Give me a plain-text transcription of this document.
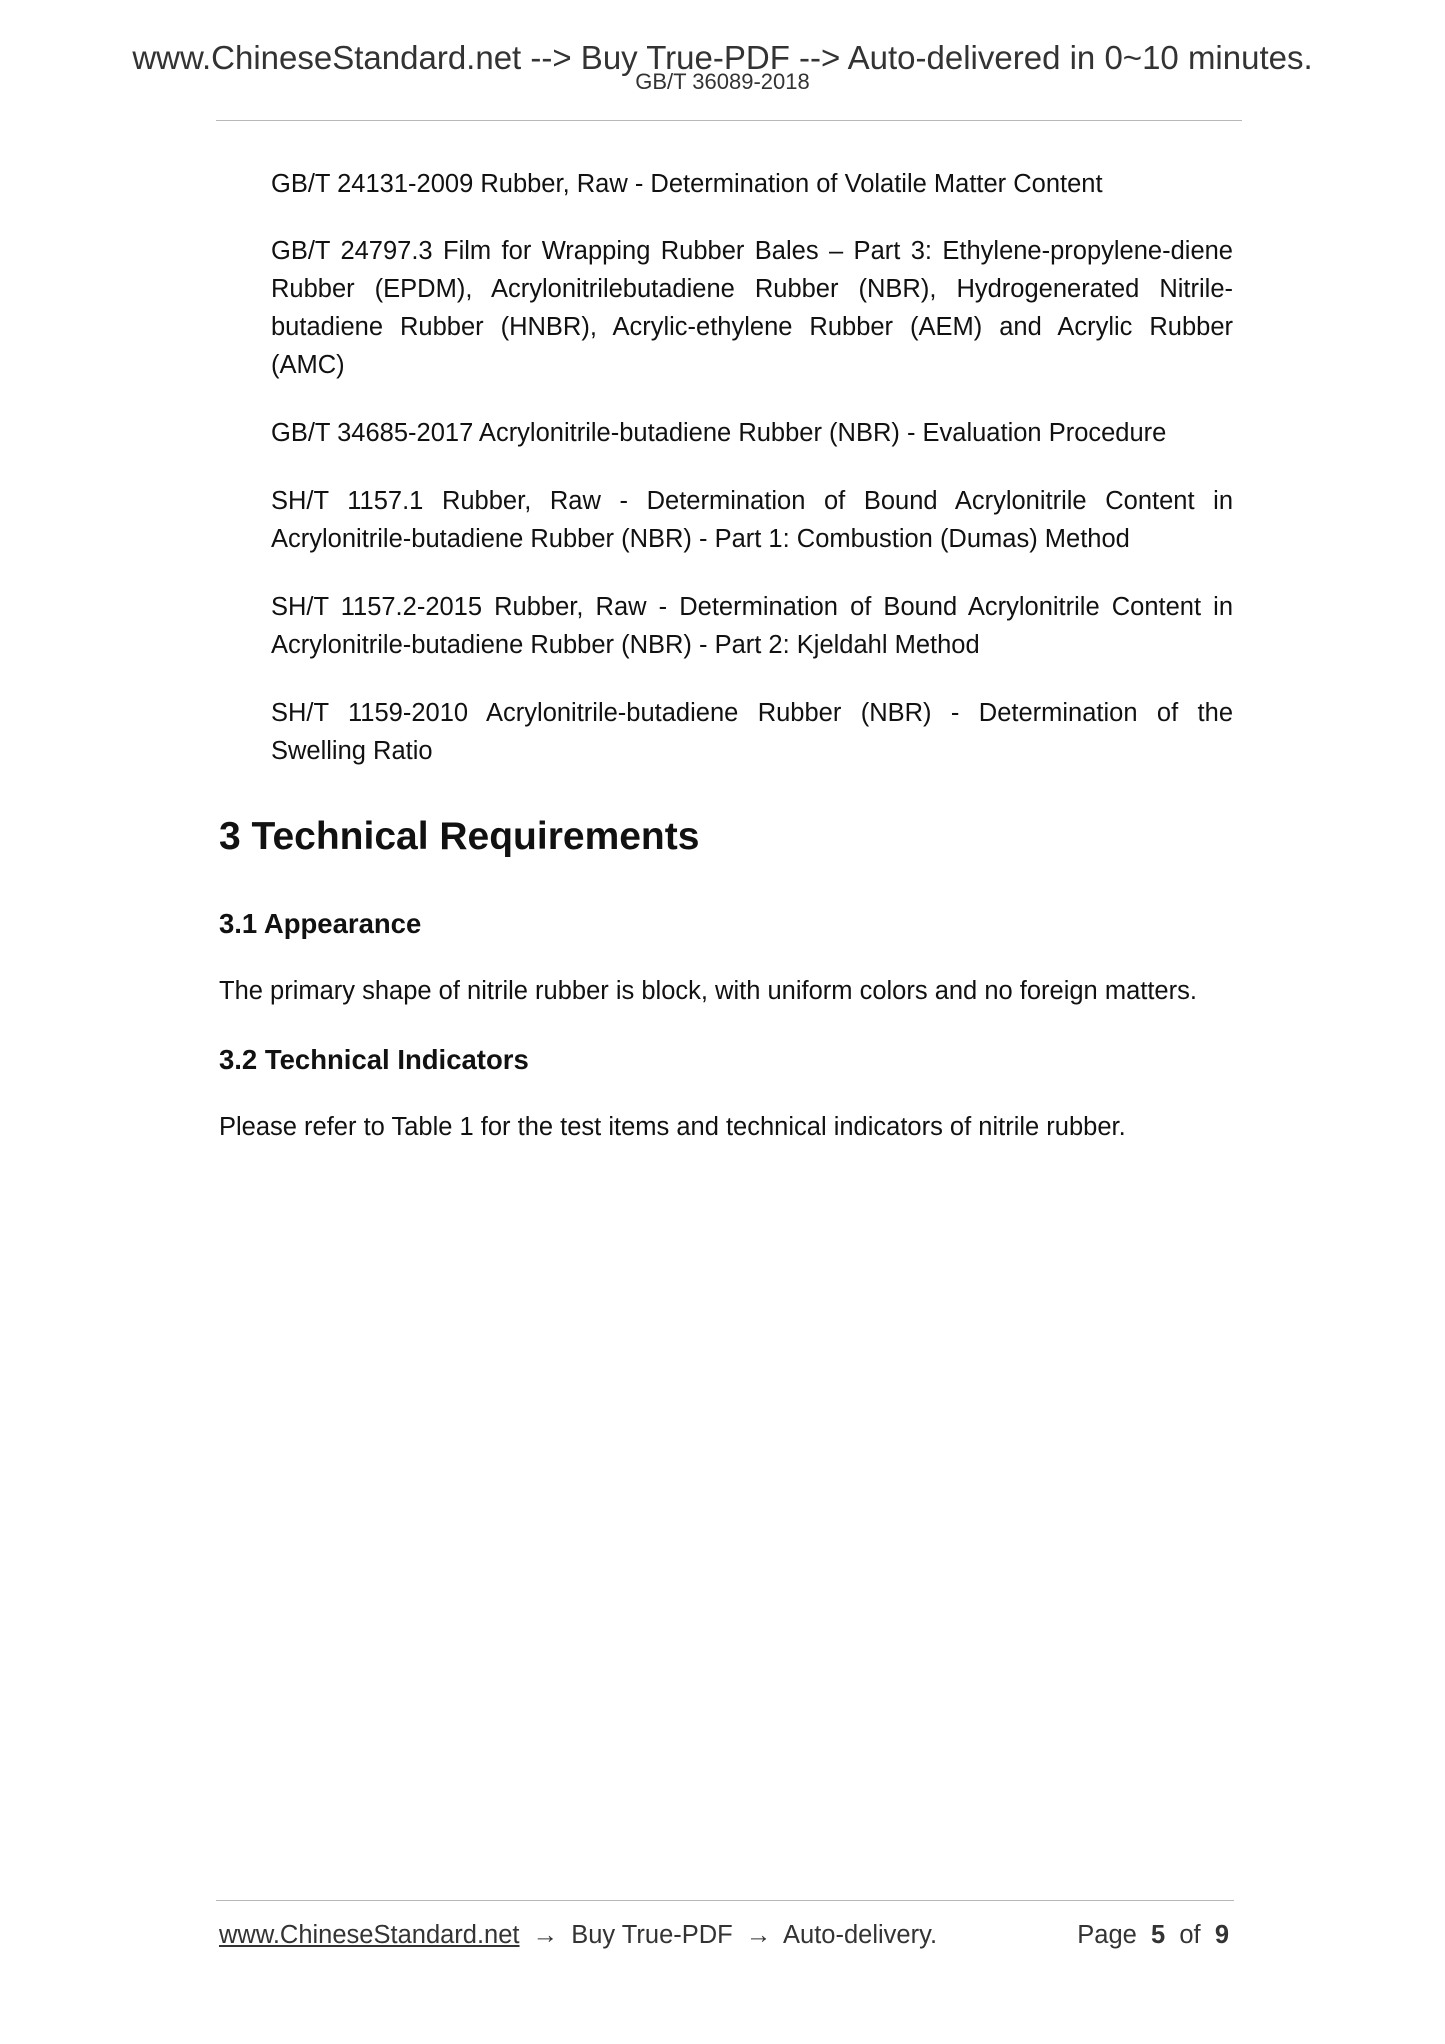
www.ChineseStandard.net --> Buy True-PDF --> Auto-delivered in 0~10 minutes.
GB/T 36089-2018
GB/T 24131-2009 Rubber, Raw - Determination of Volatile Matter Content
GB/T 24797.3 Film for Wrapping Rubber Bales – Part 3: Ethylene-propylene-diene Rubber (EPDM), Acrylonitrilebutadiene Rubber (NBR), Hydrogenerated Nitrile-butadiene Rubber (HNBR), Acrylic-ethylene Rubber (AEM) and Acrylic Rubber (AMC)
GB/T 34685-2017 Acrylonitrile-butadiene Rubber (NBR) - Evaluation Procedure
SH/T 1157.1 Rubber, Raw - Determination of Bound Acrylonitrile Content in Acrylonitrile-butadiene Rubber (NBR) - Part 1: Combustion (Dumas) Method
SH/T 1157.2-2015 Rubber, Raw - Determination of Bound Acrylonitrile Content in Acrylonitrile-butadiene Rubber (NBR) - Part 2: Kjeldahl Method
SH/T 1159-2010 Acrylonitrile-butadiene Rubber (NBR) - Determination of the Swelling Ratio
3 Technical Requirements
3.1 Appearance
The primary shape of nitrile rubber is block, with uniform colors and no foreign matters.
3.2 Technical Indicators
Please refer to Table 1 for the test items and technical indicators of nitrile rubber.
www.ChineseStandard.net → Buy True-PDF → Auto-delivery.	Page 5 of 9
